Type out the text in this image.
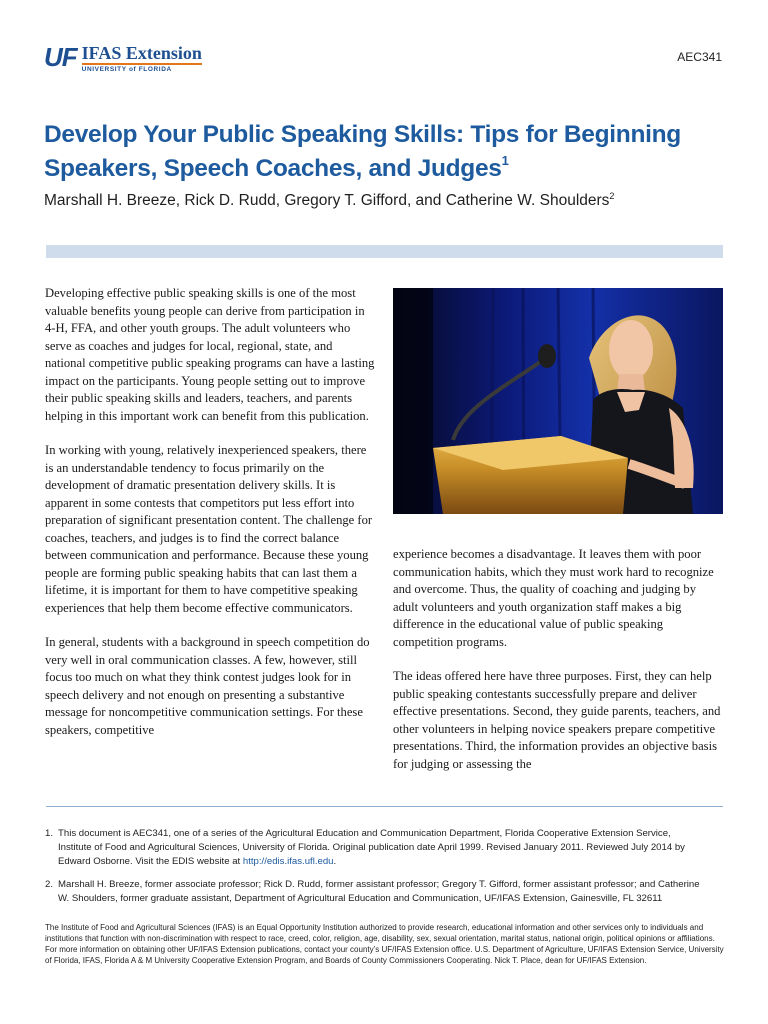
UF IFAS Extension
UNIVERSITY of FLORIDA
AEC341
Develop Your Public Speaking Skills: Tips for Beginning Speakers, Speech Coaches, and Judges$^1$
Marshall H. Breeze, Rick D. Rudd, Gregory T. Gifford, and Catherine W. Shoulders$^2$

Developing effective public speaking skills is one of the most valuable benefits young people can derive from participation in 4-H, FFA, and other youth groups. The adult volunteers who serve as coaches and judges for local, regional, state, and national competitive public speaking programs can have a lasting impact on the participants. Young people setting out to improve their public speaking skills and leaders, teachers, and parents helping in this important work can benefit from this publication.

In working with young, relatively inexperienced speakers, there is an understandable tendency to focus primarily on the development of dramatic presentation delivery skills. It is apparent in some contests that competitors put less effort into preparation of significant presentation content. The challenge for coaches, teachers, and judges is to find the correct balance between communication and performance. Because these young people are forming public speaking habits that can last them a lifetime, it is important for them to have competitive speaking experiences that help them become effective communicators.

In general, students with a background in speech competition do very well in oral communication classes. A few, however, still focus too much on what they think contest judges look for in speech delivery and not enough on presenting a substantive message for noncompetitive communication settings. For these speakers, competitive

experience becomes a disadvantage. It leaves them with poor communication habits, which they must work hard to recognize and overcome. Thus, the quality of coaching and judging by adult volunteers and youth organization staff makes a big difference in the educational value of public speaking competition programs.

The ideas offered here have three purposes. First, they can help public speaking contestants successfully prepare and deliver effective presentations. Second, they guide parents, teachers, and other volunteers in helping novice speakers prepare competitive presentations. Third, the information provides an objective basis for judging or assessing the

1. This document is AEC341, one of a series of the Agricultural Education and Communication Department, Florida Cooperative Extension Service, Institute of Food and Agricultural Sciences, University of Florida. Original publication date April 1999. Revised January 2011. Reviewed July 2014 by Edward Osborne. Visit the EDIS website at http://edis.ifas.ufl.edu.
2. Marshall H. Breeze, former associate professor; Rick D. Rudd, former assistant professor; Gregory T. Gifford, former assistant professor; and Catherine W. Shoulders, former graduate assistant, Department of Agricultural Education and Communication, UF/IFAS Extension, Gainesville, FL 32611
The Institute of Food and Agricultural Sciences (IFAS) is an Equal Opportunity Institution authorized to provide research, educational information and other services only to individuals and institutions that function with non-discrimination with respect to race, creed, color, religion, age, disability, sex, sexual orientation, marital status, national origin, political opinions or affiliations. For more information on obtaining other UF/IFAS Extension publications, contact your county’s UF/IFAS Extension office. U.S. Department of Agriculture, UF/IFAS Extension Service, University of Florida, IFAS, Florida A & M University Cooperative Extension Program, and Boards of County Commissioners Cooperating. Nick T. Place, dean for UF/IFAS Extension.
